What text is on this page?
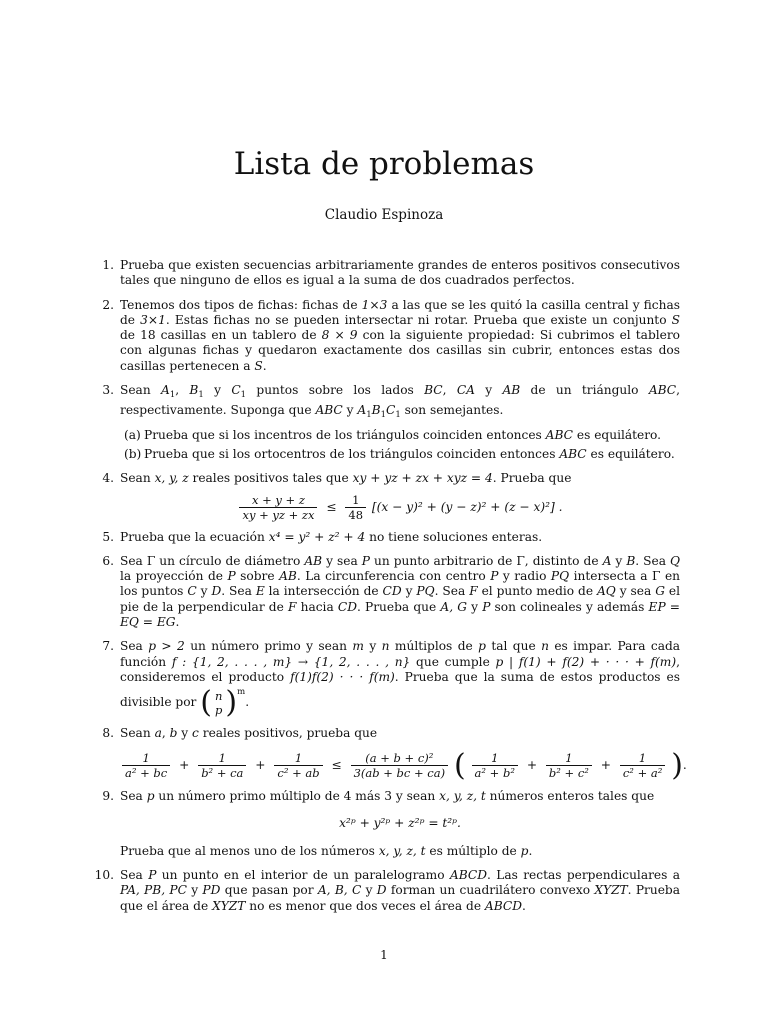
Lista de problemas
Claudio Espinoza
1. Prueba que existen secuencias arbitrariamente grandes de enteros positivos consecutivos tales que ninguno de ellos es igual a la suma de dos cuadrados perfectos.

2. Tenemos dos tipos de fichas: fichas de 1×3 a las que se les quitó la casilla central y fichas de 3×1. Estas fichas no se pueden intersectar ni rotar. Prueba que existe un conjunto S de 18 casillas en un tablero de 8 × 9 con la siguiente propiedad: Si cubrimos el tablero con algunas fichas y quedaron exactamente dos casillas sin cubrir, entonces estas dos casillas pertenecen a S.

3. Sean $A_1$, $B_1$ y $C_1$ puntos sobre los lados BC, CA y AB de un triángulo ABC, respectivamente. Suponga que ABC y $A_1B_1C_1$ son semejantes.

(a) Prueba que si los incentros de los triángulos coinciden entonces ABC es equilátero.
(b) Prueba que si los ortocentros de los triángulos coinciden entonces ABC es equilátero.
4. Sean x, y, z reales positivos tales que xy + yz + zx + xyz = 4. Prueba que

$\frac{x + y + z}{xy + yz + zx} \le \frac{1}{48} [(x - y)^2 + (y - z)^2 + (z - x)^2]$ .
5. Prueba que la ecuación x⁴ = y² + z² + 4 no tiene soluciones enteras.

6. Sea Γ un círculo de diámetro AB y sea P un punto arbitrario de Γ, distinto de A y B. Sea Q la proyección de P sobre AB. La circunferencia con centro P y radio PQ intersecta a Γ en los puntos C y D. Sea E la intersección de CD y PQ. Sea F el punto medio de AQ y sea G el pie de la perpendicular de F hacia CD. Prueba que A, G y P son colineales y además EP = EQ = EG.

7. Sea p > 2 un número primo y sean m y n múltiplos de p tal que n es impar. Para cada función f : {1, 2, . . . , m} → {1, 2, . . . , n} que cumple p | f(1) + f(2) + · · · + f(m), consideremos el producto f(1)f(2) · · · f(m). Prueba que la suma de estos productos es divisible por ( n
p )$^m$.

8. Sean a, b y c reales positivos, prueba que

$\frac{1}{\text{a² + bc}} + \frac{1}{\text{b² + ca}} + \frac{1}{\text{c² + ab}} \le \frac{\text{(a + b + c)²}}{3(ab + bc + ca)}$ ( $\frac{1}{\text{a² + b²}} + \frac{1}{\text{b² + c²}} + \frac{1}{\text{c² + a²}}$ ).
9. Sea p un número primo múltiplo de 4 más 3 y sean x, y, z, t números enteros tales que

x²ᵖ + y²ᵖ + z²ᵖ = t²ᵖ.

Prueba que al menos uno de los números x, y, z, t es múltiplo de p.

10. Sea P un punto en el interior de un paralelogramo ABCD. Las rectas perpendiculares a PA, PB, PC y PD que pasan por A, B, C y D forman un cuadrilátero convexo XYZT. Prueba que el área de XYZT no es menor que dos veces el área de ABCD.

1
